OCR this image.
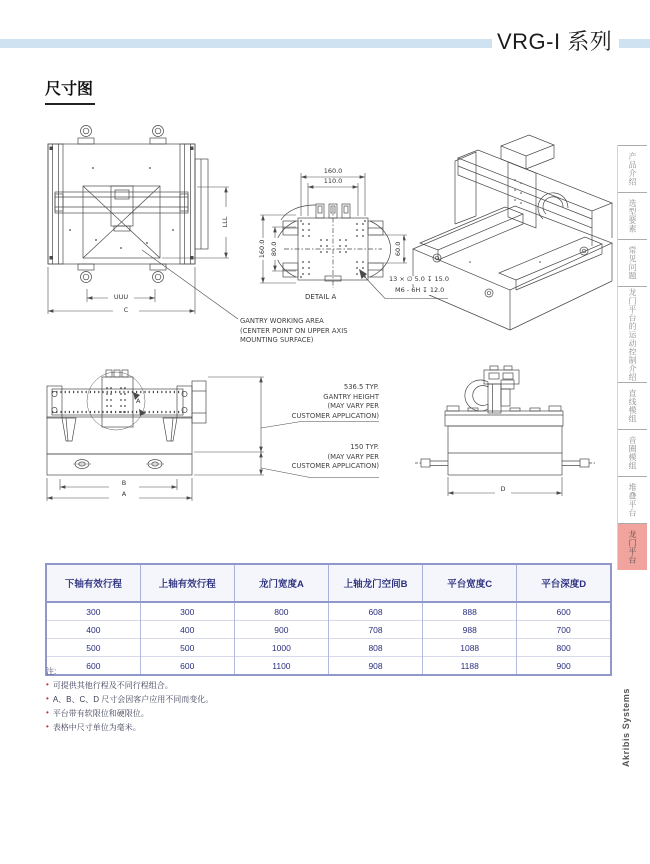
VRG-I 系列
尺寸图
UUU
C
LLL
160.0
110.0
160.0 80.0	60.0
13 × ∅ 5.0 ↧ 15.0
M6 - 6H ↧ 12.0
DETAIL A
GANTRY WORKING AREA
(CENTER POINT ON UPPER AXIS
MOUNTING SURFACE)
536.5 TYP.
GANTRY HEIGHT
(MAY VARY PER
CUSTOMER APPLICATION)
150 TYP.
(MAY VARY PER
CUSTOMER APPLICATION)
A
B
A
D
下轴有效行程	上轴有效行程	龙门宽度A	上轴龙门空间B	平台宽度C	平台深度D
300	300	800	608	888	600
400	400	900	708	988	700
500	500	1000	808	1088	800
600	600	1100	908	1188	900
注:
• 可提供其他行程及不同行程组合。
• A、B、C、D 尺寸会因客户应用不同而变化。
• 平台带有软限位和硬限位。
• 表格中尺寸单位为毫米。
产品介绍
选型要素
常见问题
龙门平台的运动控制介绍
直线模组
音圈模组
堆叠平台
龙门平台
Akribis Systems
